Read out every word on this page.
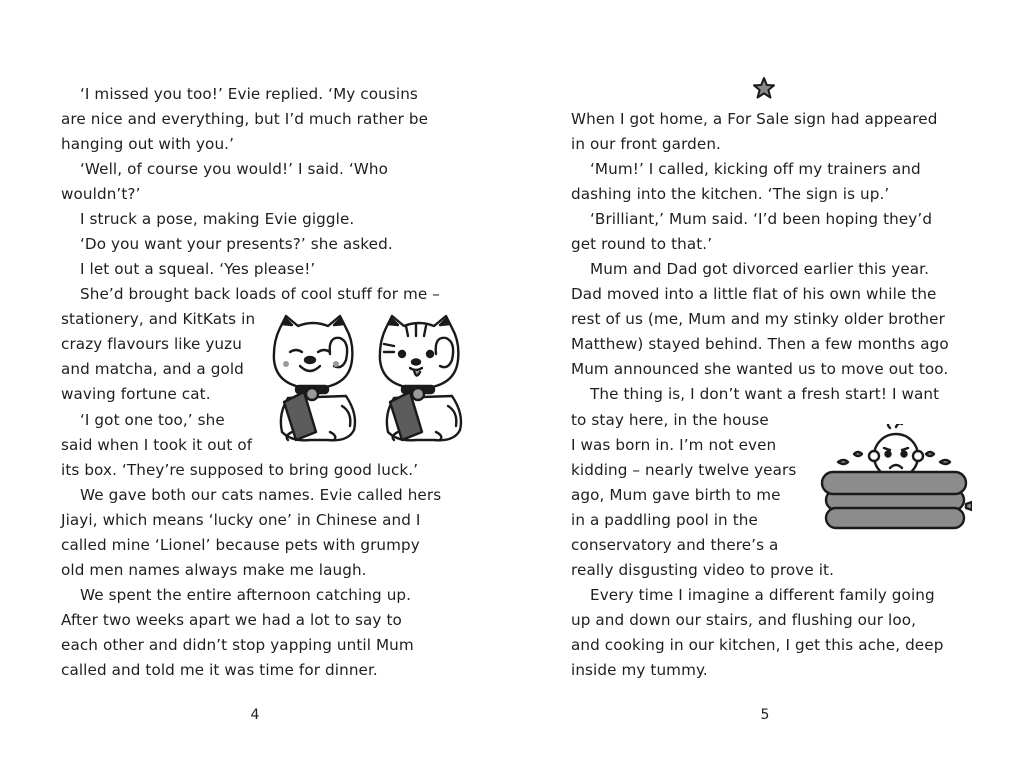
‘I missed you too!’ Evie replied. ‘My cousins
are nice and everything, but I’d much rather be
hanging out with you.’
‘Well, of course you would!’ I said. ‘Who
wouldn’t?’
I struck a pose, making Evie giggle.
‘Do you want your presents?’ she asked.
I let out a squeal. ‘Yes please!’
She’d brought back loads of cool stuff for me –
stationery, and KitKats in
crazy flavours like yuzu
and matcha, and a gold
waving fortune cat.
‘I got one too,’ she
said when I took it out of
its box. ‘They’re supposed to bring good luck.’
We gave both our cats names. Evie called hers
Jiayi, which means ‘lucky one’ in Chinese and I
called mine ‘Lionel’ because pets with grumpy
old men names always make me laugh.
We spent the entire afternoon catching up.
After two weeks apart we had a lot to say to
each other and didn’t stop yapping until Mum
called and told me it was time for dinner.
4
When I got home, a For Sale sign had appeared
in our front garden.
‘Mum!’ I called, kicking off my trainers and
dashing into the kitchen. ‘The sign is up.’
‘Brilliant,’ Mum said. ‘I’d been hoping they’d
get round to that.’
Mum and Dad got divorced earlier this year.
Dad moved into a little flat of his own while the
rest of us (me, Mum and my stinky older brother
Matthew) stayed behind. Then a few months ago
Mum announced she wanted us to move out too.
The thing is, I don’t want a fresh start! I want
to stay here, in the house
I was born in. I’m not even
kidding – nearly twelve years
ago, Mum gave birth to me
in a paddling pool in the
conservatory and there’s a
really disgusting video to prove it.
Every time I imagine a different family going
up and down our stairs, and flushing our loo,
and cooking in our kitchen, I get this ache, deep
inside my tummy.
5
